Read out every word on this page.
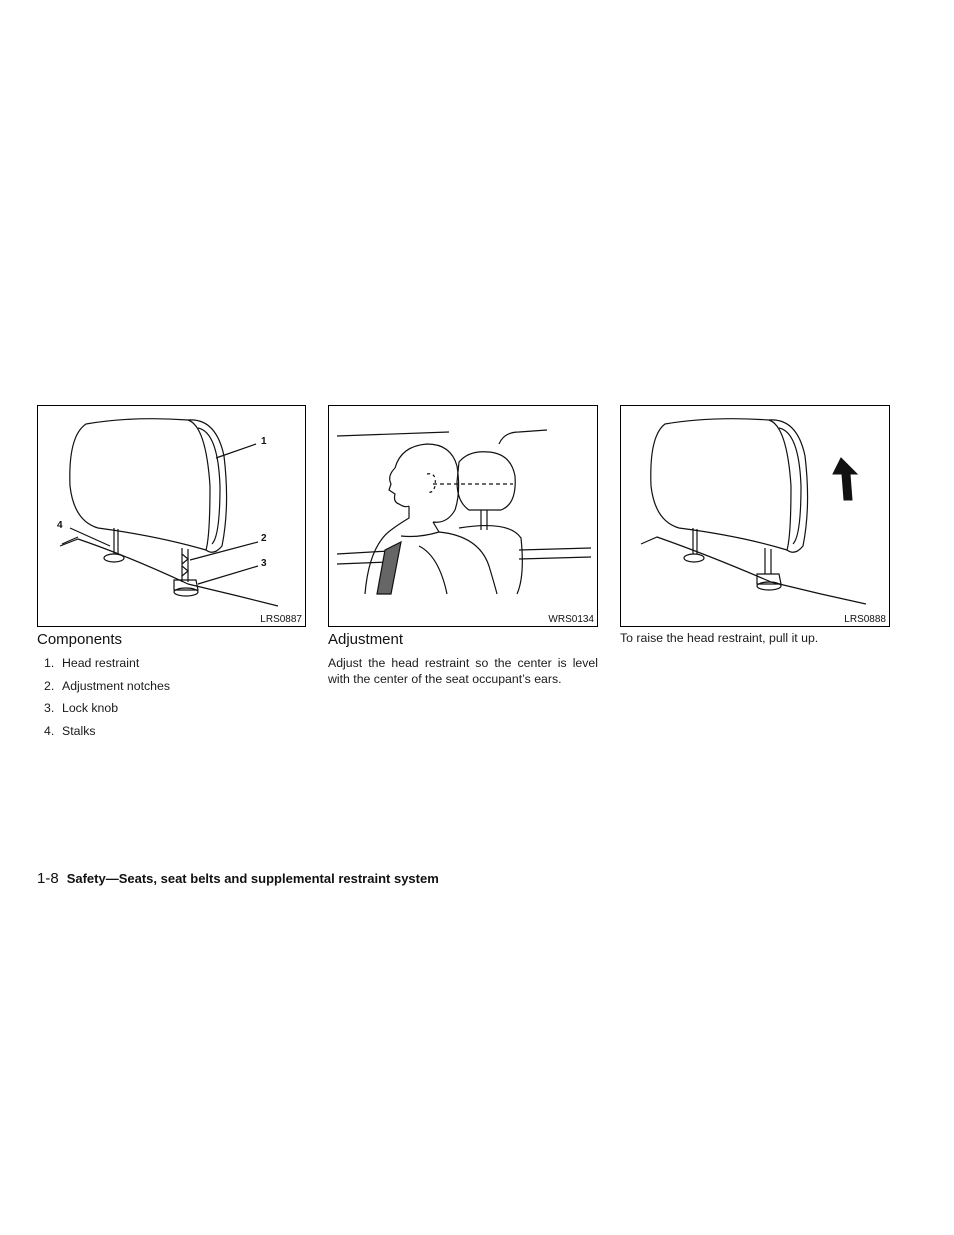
1
2
3
4
LRS0887	WRS0134	LRS0888
Components
1. Head restraint
2. Adjustment notches
3. Lock knob
4. Stalks
Adjustment

Adjust the head restraint so the center is level with the center of the seat occupant’s ears.

To raise the head restraint, pull it up.

1-8 Safety—Seats, seat belts and supplemental restraint system
